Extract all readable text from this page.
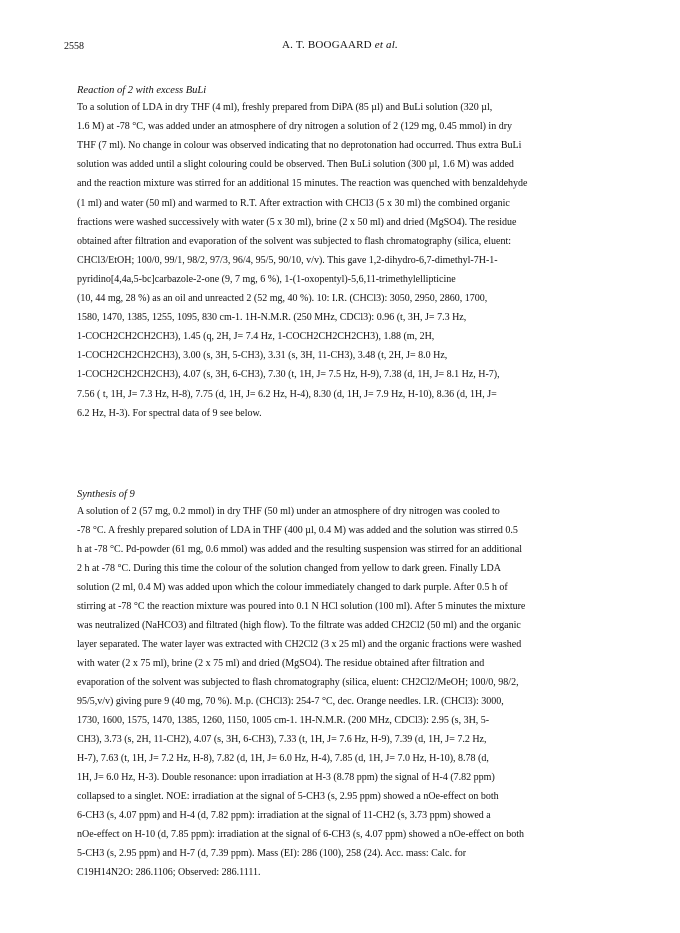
2558	A. T. BOOGAARD et al.
Reaction of 2 with excess BuLi
To a solution of LDA in dry THF (4 ml), freshly prepared from DiPA (85 µl) and BuLi solution (320 µl,
1.6 M) at -78 °C, was added under an atmosphere of dry nitrogen a solution of 2 (129 mg, 0.45 mmol) in dry
THF (7 ml). No change in colour was observed indicating that no deprotonation had occurred. Thus extra BuLi
solution was added until a slight colouring could be observed. Then BuLi solution (300 µl, 1.6 M) was added
and the reaction mixture was stirred for an additional 15 minutes. The reaction was quenched with benzaldehyde
(1 ml) and water (50 ml) and warmed to R.T. After extraction with CHCl3 (5 x 30 ml) the combined organic
fractions were washed successively with water (5 x 30 ml), brine (2 x 50 ml) and dried (MgSO4). The residue
obtained after filtration and evaporation of the solvent was subjected to flash chromatography (silica, eluent:
CHCl3/EtOH; 100/0, 99/1, 98/2, 97/3, 96/4, 95/5, 90/10, v/v). This gave 1,2-dihydro-6,7-dimethyl-7H-1-
pyridino[4,4a,5-bc]carbazole-2-one (9, 7 mg, 6 %), 1-(1-oxopentyl)-5,6,11-trimethylellipticine
(10, 44 mg, 28 %) as an oil and unreacted 2 (52 mg, 40 %). 10: I.R. (CHCl3): 3050, 2950, 2860, 1700,
1580, 1470, 1385, 1255, 1095, 830 cm-1. 1H-N.M.R. (250 MHz, CDCl3): 0.96 (t, 3H, J= 7.3 Hz,
1-COCH2CH2CH2CH3), 1.45 (q, 2H, J= 7.4 Hz, 1-COCH2CH2CH2CH3), 1.88 (m, 2H,
1-COCH2CH2CH2CH3), 3.00 (s, 3H, 5-CH3), 3.31 (s, 3H, 11-CH3), 3.48 (t, 2H, J= 8.0 Hz,
1-COCH2CH2CH2CH3), 4.07 (s, 3H, 6-CH3), 7.30 (t, 1H, J= 7.5 Hz, H-9), 7.38 (d, 1H, J= 8.1 Hz, H-7),
7.56 ( t, 1H, J= 7.3 Hz, H-8), 7.75 (d, 1H, J= 6.2 Hz, H-4), 8.30 (d, 1H, J= 7.9 Hz, H-10), 8.36 (d, 1H, J=
6.2 Hz, H-3). For spectral data of 9 see below.
Synthesis of 9
A solution of 2 (57 mg, 0.2 mmol) in dry THF (50 ml) under an atmosphere of dry nitrogen was cooled to
-78 °C. A freshly prepared solution of LDA in THF (400 µl, 0.4 M) was added and the solution was stirred 0.5
h at -78 °C. Pd-powder (61 mg, 0.6 mmol) was added and the resulting suspension was stirred for an additional
2 h at -78 °C. During this time the colour of the solution changed from yellow to dark green. Finally LDA
solution (2 ml, 0.4 M) was added upon which the colour immediately changed to dark purple. After 0.5 h of
stirring at -78 °C the reaction mixture was poured into 0.1 N HCl solution (100 ml). After 5 minutes the mixture
was neutralized (NaHCO3) and filtrated (high flow). To the filtrate was added CH2Cl2 (50 ml) and the organic
layer separated. The water layer was extracted with CH2Cl2 (3 x 25 ml) and the organic fractions were washed
with water (2 x 75 ml), brine (2 x 75 ml) and dried (MgSO4). The residue obtained after filtration and
evaporation of the solvent was subjected to flash chromatography (silica, eluent: CH2Cl2/MeOH; 100/0, 98/2,
95/5,v/v) giving pure 9 (40 mg, 70 %). M.p. (CHCl3): 254-7 °C, dec. Orange needles. I.R. (CHCl3): 3000,
1730, 1600, 1575, 1470, 1385, 1260, 1150, 1005 cm-1. 1H-N.M.R. (200 MHz, CDCl3): 2.95 (s, 3H, 5-
CH3), 3.73 (s, 2H, 11-CH2), 4.07 (s, 3H, 6-CH3), 7.33 (t, 1H, J= 7.6 Hz, H-9), 7.39 (d, 1H, J= 7.2 Hz,
H-7), 7.63 (t, 1H, J= 7.2 Hz, H-8), 7.82 (d, 1H, J= 6.0 Hz, H-4), 7.85 (d, 1H, J= 7.0 Hz, H-10), 8.78 (d,
1H, J= 6.0 Hz, H-3). Double resonance: upon irradiation at H-3 (8.78 ppm) the signal of H-4 (7.82 ppm)
collapsed to a singlet. NOE: irradiation at the signal of 5-CH3 (s, 2.95 ppm) showed a nOe-effect on both
6-CH3 (s, 4.07 ppm) and H-4 (d, 7.82 ppm): irradiation at the signal of 11-CH2 (s, 3.73 ppm) showed a
nOe-effect on H-10 (d, 7.85 ppm): irradiation at the signal of 6-CH3 (s, 4.07 ppm) showed a nOe-effect on both
5-CH3 (s, 2.95 ppm) and H-7 (d, 7.39 ppm). Mass (EI): 286 (100), 258 (24). Acc. mass: Calc. for
C19H14N2O: 286.1106; Observed: 286.1111.
